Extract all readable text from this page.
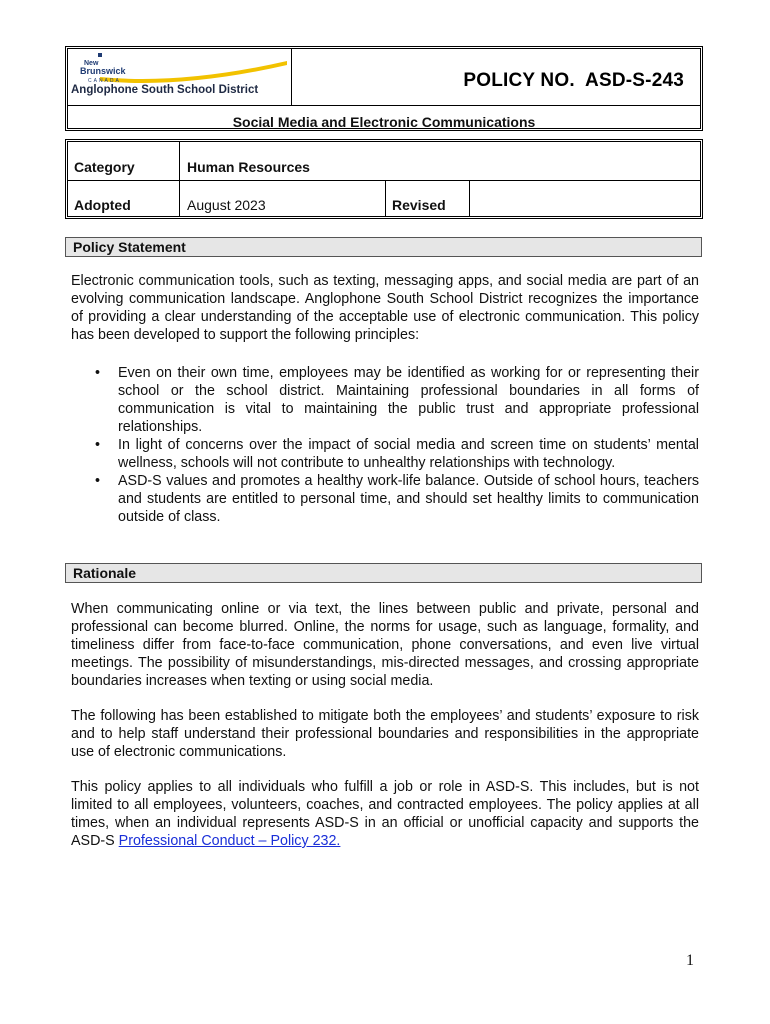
New
Brunswick
CANADA
Anglophone South School District	POLICY NO.  ASD-S-243
Social Media and Electronic Communications
Category	Human Resources
Adopted	August 2023	Revised
Policy Statement

Electronic communication tools, such as texting, messaging apps, and social media are part of an evolving communication landscape. Anglophone South School District recognizes the importance of providing a clear understanding of the acceptable use of electronic communication. This policy has been developed to support the following principles:

• Even on their own time, employees may be identified as working for or representing their school or the school district. Maintaining professional boundaries in all forms of communication is vital to maintaining the public trust and appropriate professional relationships.
• In light of concerns over the impact of social media and screen time on students’ mental wellness, schools will not contribute to unhealthy relationships with technology.
• ASD-S values and promotes a healthy work-life balance. Outside of school hours, teachers and students are entitled to personal time, and should set healthy limits to communication outside of class.
Rationale

When communicating online or via text, the lines between public and private, personal and professional can become blurred. Online, the norms for usage, such as language, formality, and timeliness differ from face-to-face communication, phone conversations, and even live virtual meetings. The possibility of misunderstandings, mis-directed messages, and crossing appropriate boundaries increases when texting or using social media.

The following has been established to mitigate both the employees’ and students’ exposure to risk and to help staff understand their professional boundaries and responsibilities in the appropriate use of electronic communications.

This policy applies to all individuals who fulfill a job or role in ASD-S. This includes, but is not limited to all employees, volunteers, coaches, and contracted employees. The policy applies at all times, when an individual represents ASD-S in an official or unofficial capacity and supports the ASD-S Professional Conduct – Policy 232.

1
